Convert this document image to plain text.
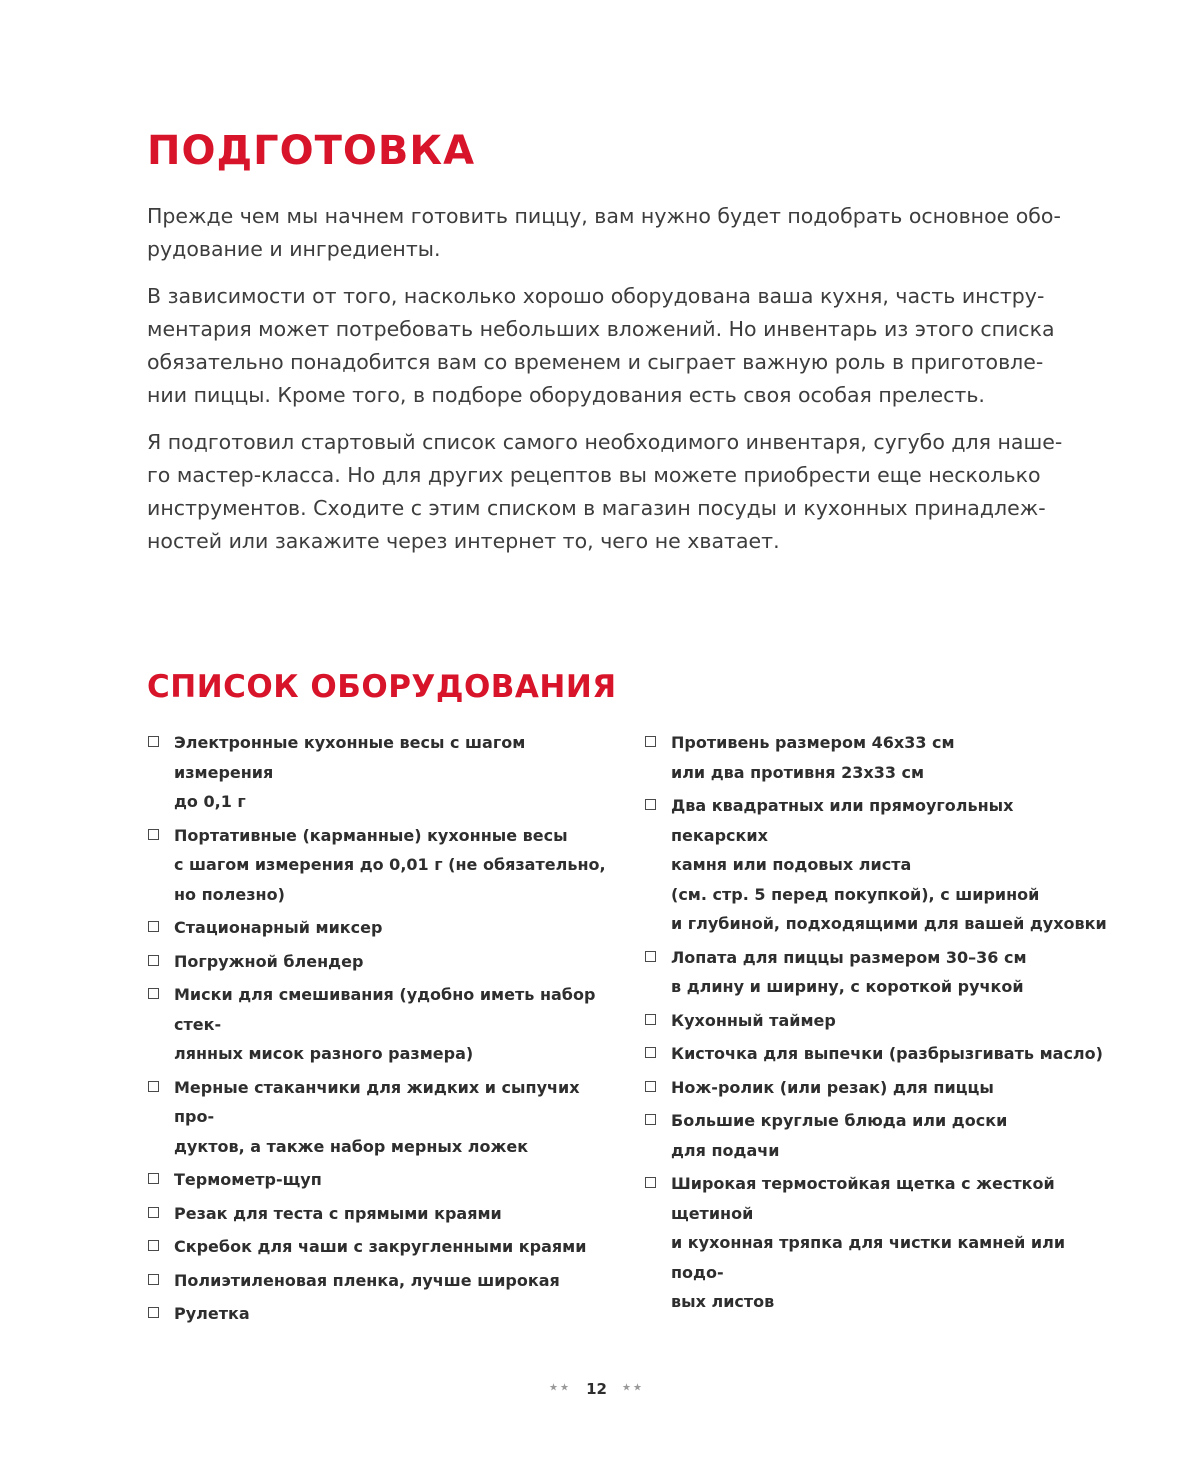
ПОДГОТОВКА

Прежде чем мы начнем готовить пиццу, вам нужно будет подобрать основное обо-
рудование и ингредиенты.

В зависимости от того, насколько хорошо оборудована ваша кухня, часть инстру-
ментария может потребовать небольших вложений. Но инвентарь из этого списка
обязательно понадобится вам со временем и сыграет важную роль в приготовле-
нии пиццы. Кроме того, в подборе оборудования есть своя особая прелесть.

Я подготовил стартовый список самого необходимого инвентаря, сугубо для наше-
го мастер-класса. Но для других рецептов вы можете приобрести еще несколько
инструментов. Сходите с этим списком в магазин посуды и кухонных принадлеж-
ностей или закажите через интернет то, чего не хватает.

СПИСОК ОБОРУДОВАНИЯ
Электронные кухонные весы с шагом измерения
до 0,1 г
Портативные (карманные) кухонные весы
с шагом измерения до 0,01 г (не обязательно,
но полезно)
Стационарный миксер
Погружной блендер
Миски для смешивания (удобно иметь набор стек-
лянных мисок разного размера)
Мерные стаканчики для жидких и сыпучих про-
дуктов, а также набор мерных ложек
Термометр-щуп
Резак для теста с прямыми краями
Скребок для чаши с закругленными краями
Полиэтиленовая пленка, лучше широкая
Рулетка
Противень размером 46х33 см
или два противня 23х33 см
Два квадратных или прямоугольных пекарских
камня или подовых листа
(см. стр. 5 перед покупкой), с шириной
и глубиной, подходящими для вашей духовки
Лопата для пиццы размером 30–36 см
в длину и ширину, с короткой ручкой
Кухонный таймер
Кисточка для выпечки (разбрызгивать масло)
Нож-ролик (или резак) для пиццы
Большие круглые блюда или доски
для подачи
Широкая термостойкая щетка с жесткой щетиной
и кухонная тряпка для чистки камней или подо-
вых листов
★★ 12 ★★
